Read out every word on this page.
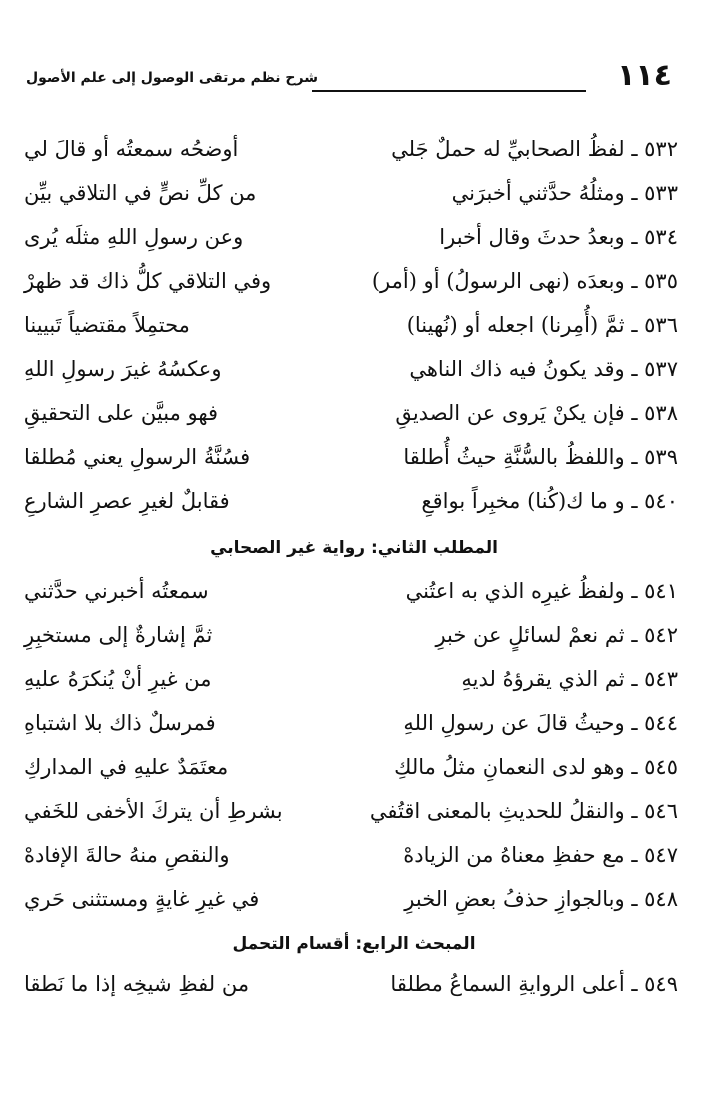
١١٤
شرح نظم مرتقى الوصول إلى علم الأصول
٥٣٢ ـ لفظُ الصحابيِّ له حملٌ جَلي
أوضحُه سمعتُه أو قالَ لي
٥٣٣ ـ ومثلُهُ حدَّثني أخبرَني
من كلِّ نصٍّ في التلاقي بيِّن
٥٣٤ ـ وبعدُ حدثَ وقال أخبرا
وعن رسولِ اللهِ مثلَه يُرى
٥٣٥ ـ وبعدَه (نهى الرسولُ) أو (أمر)
وفي التلاقي كلُّ ذاك قد ظهرْ
٥٣٦ ـ ثمَّ (أُمِرنا) اجعله أو (نُهينا)
محتمِلاً مقتضياً تَبيينا
٥٣٧ ـ وقد يكونُ فيه ذاك الناهي
وعكسُهُ غيرَ رسولِ اللهِ
٥٣٨ ـ فإن يكنْ يَروى عن الصديقِ
فهو مبيَّن على التحقيقِ
٥٣٩ ـ واللفظُ بالسُّنَّةِ حيثُ أُطلقا
فسُنَّةُ الرسولِ يعني مُطلقا
٥٤٠ ـ و ما ك(كُنا) مخبِراً بواقعِ
فقابلٌ لغيرِ عصرِ الشارعِ
المطلب الثاني: رواية غير الصحابي
٥٤١ ـ ولفظُ غيرِه الذي به اعتُني
سمعتُه أخبرني حدَّثني
٥٤٢ ـ ثم نعمْ لسائلٍ عن خبرِ
ثمَّ إشارةٌ إلى مستخبِرِ
٥٤٣ ـ ثم الذي يقرؤهُ لديهِ
من غيرِ أنْ يُنكرَهُ عليهِ
٥٤٤ ـ وحيثُ قالَ عن رسولِ اللهِ
فمرسلٌ ذاك بلا اشتباهِ
٥٤٥ ـ وهو لدى النعمانِ مثلُ مالكِ
معتَمَدٌ عليهِ في المداركِ
٥٤٦ ـ والنقلُ للحديثِ بالمعنى اقتُفي
بشرطِ أن يتركَ الأخفى للخَفي
٥٤٧ ـ مع حفظِ معناهُ من الزيادهْ
والنقصِ منهُ حالةَ الإفادهْ
٥٤٨ ـ وبالجوازِ حذفُ بعضِ الخبرِ
في غيرِ غايةٍ ومستثنى حَري
المبحث الرابع: أقسام التحمل
٥٤٩ ـ أعلى الروايةِ السماعُ مطلقا
من لفظِ شيخِه إذا ما نَطقا
